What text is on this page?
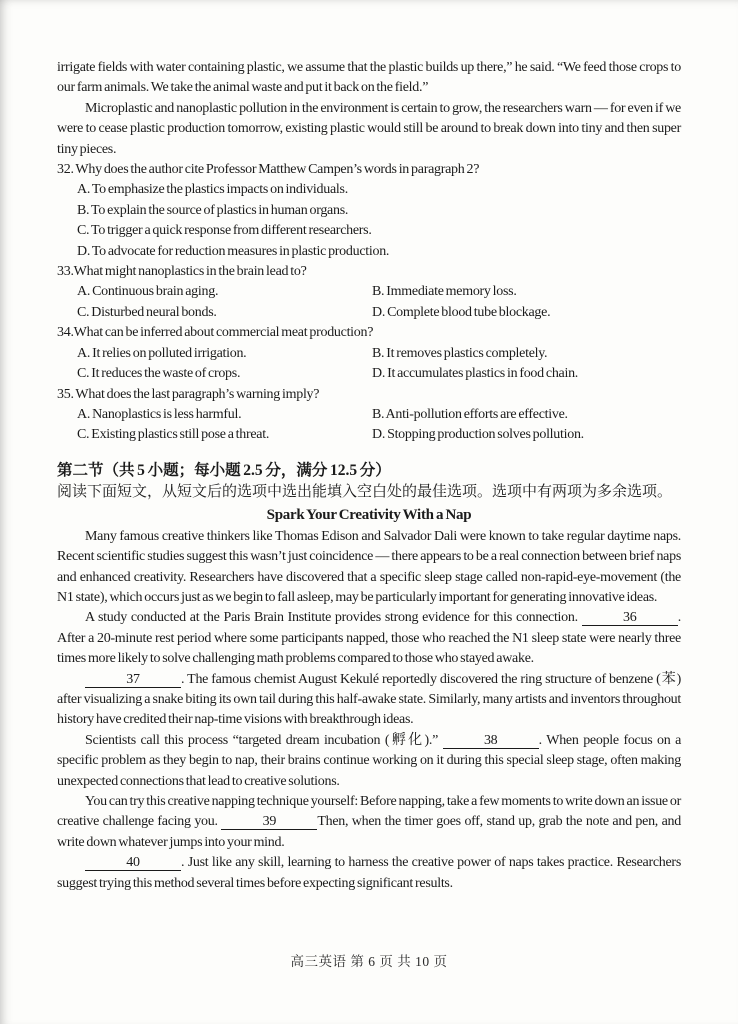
irrigate fields with water containing plastic, we assume that the plastic builds up there,” he said. “We feed those crops to our farm animals. We take the animal waste and put it back on the field.”

Microplastic and nanoplastic pollution in the environment is certain to grow, the researchers warn — for even if we were to cease plastic production tomorrow, existing plastic would still be around to break down into tiny and then super tiny pieces.

32. Why does the author cite Professor Matthew Campen’s words in paragraph 2?
A. To emphasize the plastics impacts on individuals.
B. To explain the source of plastics in human organs.
C. To trigger a quick response from different researchers.
D. To advocate for reduction measures in plastic production.
33.What might nanoplastics in the brain lead to?
A. Continuous brain aging.	B. Immediate memory loss.
C. Disturbed neural bonds.	D. Complete blood tube blockage.
34.What can be inferred about commercial meat production?
A. It relies on polluted irrigation.	B. It removes plastics completely.
C. It reduces the waste of crops.	D. It accumulates plastics in food chain.
35. What does the last paragraph’s warning imply?
A. Nanoplastics is less harmful.	B. Anti-pollution efforts are effective.
C. Existing plastics still pose a threat.	D. Stopping production solves pollution.
第二节（共 5 小题；每小题 2.5 分，满分 12.5 分）
阅读下面短文，从短文后的选项中选出能填入空白处的最佳选项。选项中有两项为多余选项。
Spark Your Creativity With a Nap

Many famous creative thinkers like Thomas Edison and Salvador Dali were known to take regular daytime naps. Recent scientific studies suggest this wasn’t just coincidence — there appears to be a real connection between brief naps and enhanced creativity. Researchers have discovered that a specific sleep stage called non-rapid-eye-movement (the N1 state), which occurs just as we begin to fall asleep, may be particularly important for generating innovative ideas.

A study conducted at the Paris Brain Institute provides strong evidence for this connection.	36	. After a 20-minute rest period where some participants napped, those who reached the N1 sleep state were nearly three times more likely to solve challenging math problems compared to those who stayed awake.

37	. The famous chemist August Kekulé reportedly discovered the ring structure of benzene (苯) after visualizing a snake biting its own tail during this half-awake state. Similarly, many artists and inventors throughout history have credited their nap-time visions with breakthrough ideas.

Scientists call this process “targeted dream incubation (孵化).”	38	. When people focus on a specific problem as they begin to nap, their brains continue working on it during this special sleep stage, often making unexpected connections that lead to creative solutions.

You can try this creative napping technique yourself: Before napping, take a few moments to write down an issue or creative challenge facing you.	39	Then, when the timer goes off, stand up, grab the note and pen, and write down whatever jumps into your mind.

40	. Just like any skill, learning to harness the creative power of naps takes practice. Researchers suggest trying this method several times before expecting significant results.

高三英语 第 6 页 共 10 页
